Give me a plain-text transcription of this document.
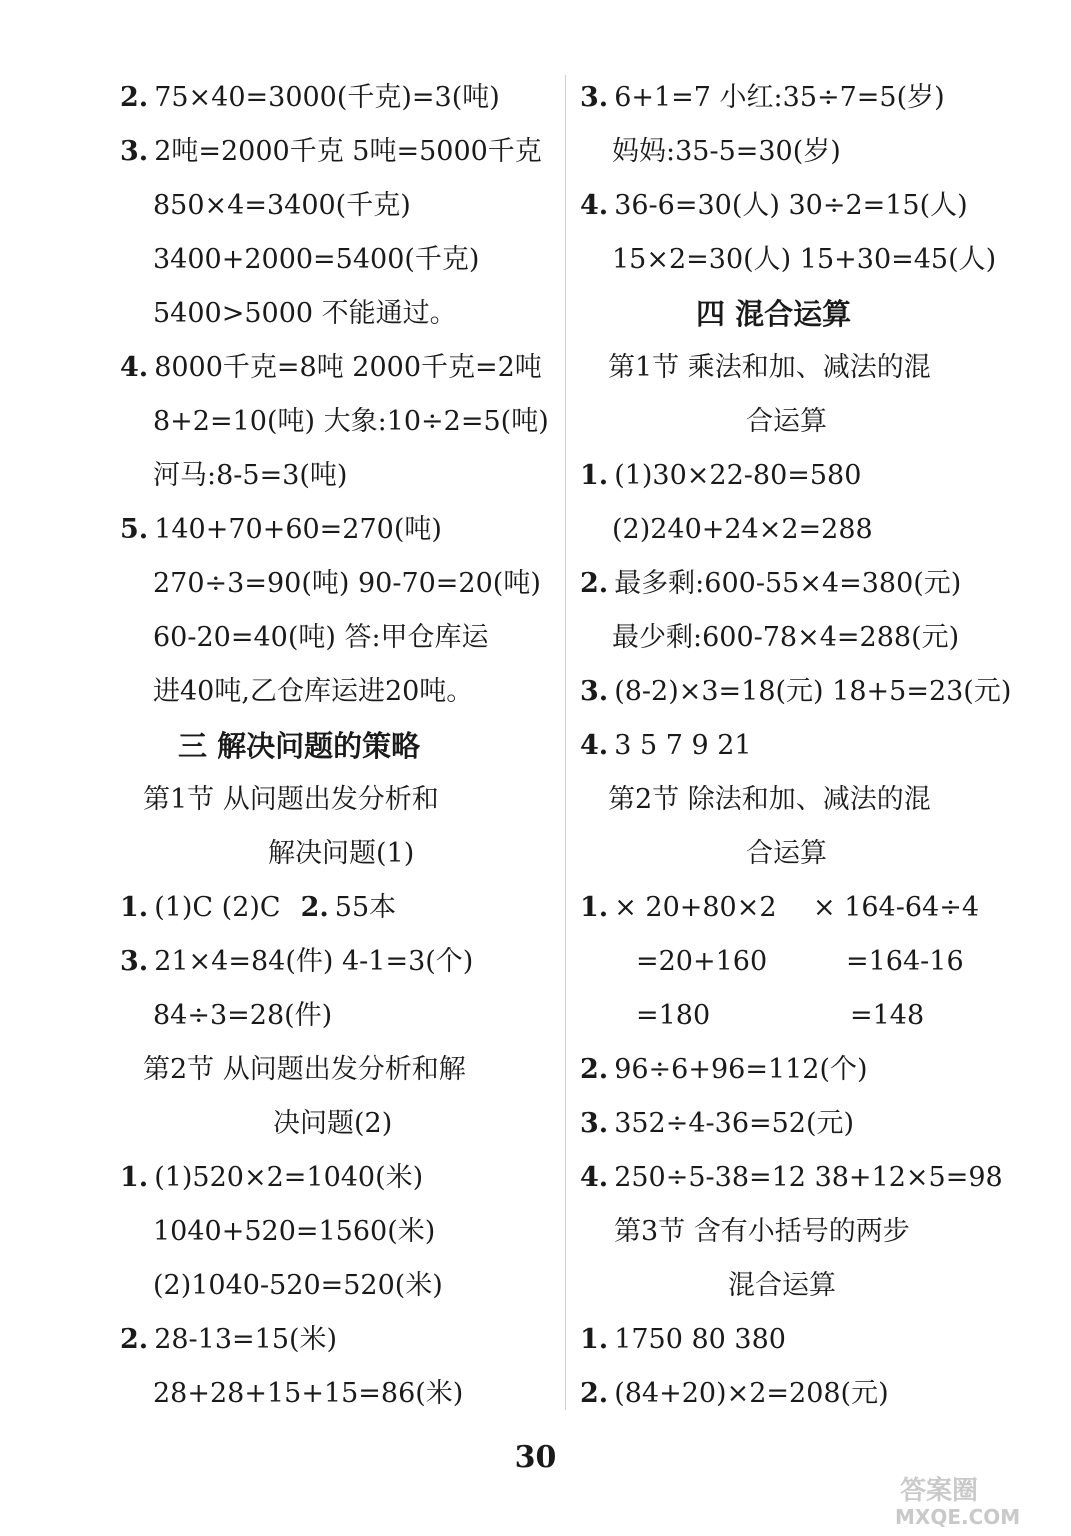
2. 75×40=3000(千克)=3(吨)
3. 2吨=2000千克 5吨=5000千克
850×4=3400(千克)
3400+2000=5400(千克)
5400>5000 不能通过。
4. 8000千克=8吨 2000千克=2吨
8+2=10(吨) 大象:10÷2=5(吨)
河马:8-5=3(吨)
5. 140+70+60=270(吨)
270÷3=90(吨) 90-70=20(吨)
60-20=40(吨) 答:甲仓库运
进40吨,乙仓库运进20吨。
三 解决问题的策略
第1节 从问题出发分析和
解决问题(1)
1. (1)C (2)C 2. 55本
3. 21×4=84(件) 4-1=3(个)
84÷3=28(件)
第2节 从问题出发分析和解
决问题(2)
1. (1)520×2=1040(米)
1040+520=1560(米)
(2)1040-520=520(米)
2. 28-13=15(米)
28+28+15+15=86(米)
3. 6+1=7 小红:35÷7=5(岁)
妈妈:35-5=30(岁)
4. 36-6=30(人) 30÷2=15(人)
15×2=30(人) 15+30=45(人)
四 混合运算
第1节 乘法和加、减法的混
合运算
1. (1)30×22-80=580
(2)240+24×2=288
2. 最多剩:600-55×4=380(元)
最少剩:600-78×4=288(元)
3. (8-2)×3=18(元) 18+5=23(元)
4. 3 5 7 9 21
第2节 除法和加、减法的混
合运算
1. × 20+80×2 × 164-64÷4
=20+160	=164-16
=180	=148
2. 96÷6+96=112(个)
3. 352÷4-36=52(元)
4. 250÷5-38=12 38+12×5=98
第3节 含有小括号的两步
混合运算
1. 1750 80 380
2. (84+20)×2=208(元)
30
答案圈
MXQE.COM
